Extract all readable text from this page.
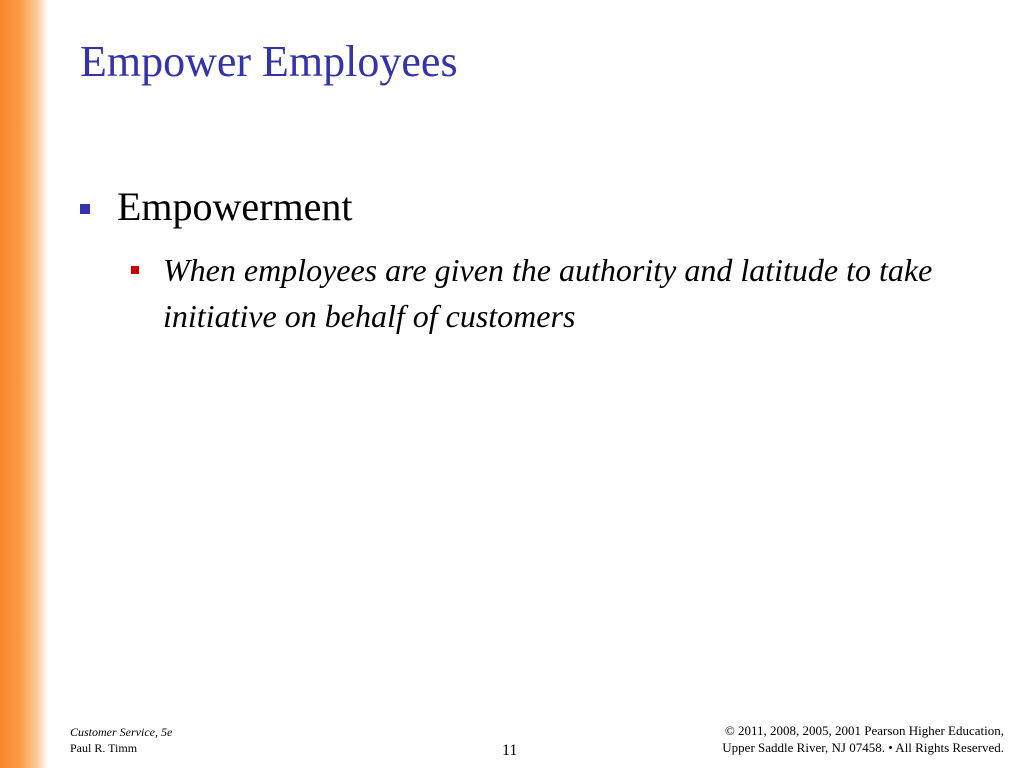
Empower Employees
Empowerment
When employees are given the authority and latitude to take initiative on behalf of customers
Customer Service, 5e
Paul R. Timm	11
© 2011, 2008, 2005, 2001 Pearson Higher Education,
Upper Saddle River, NJ 07458. • All Rights Reserved.
